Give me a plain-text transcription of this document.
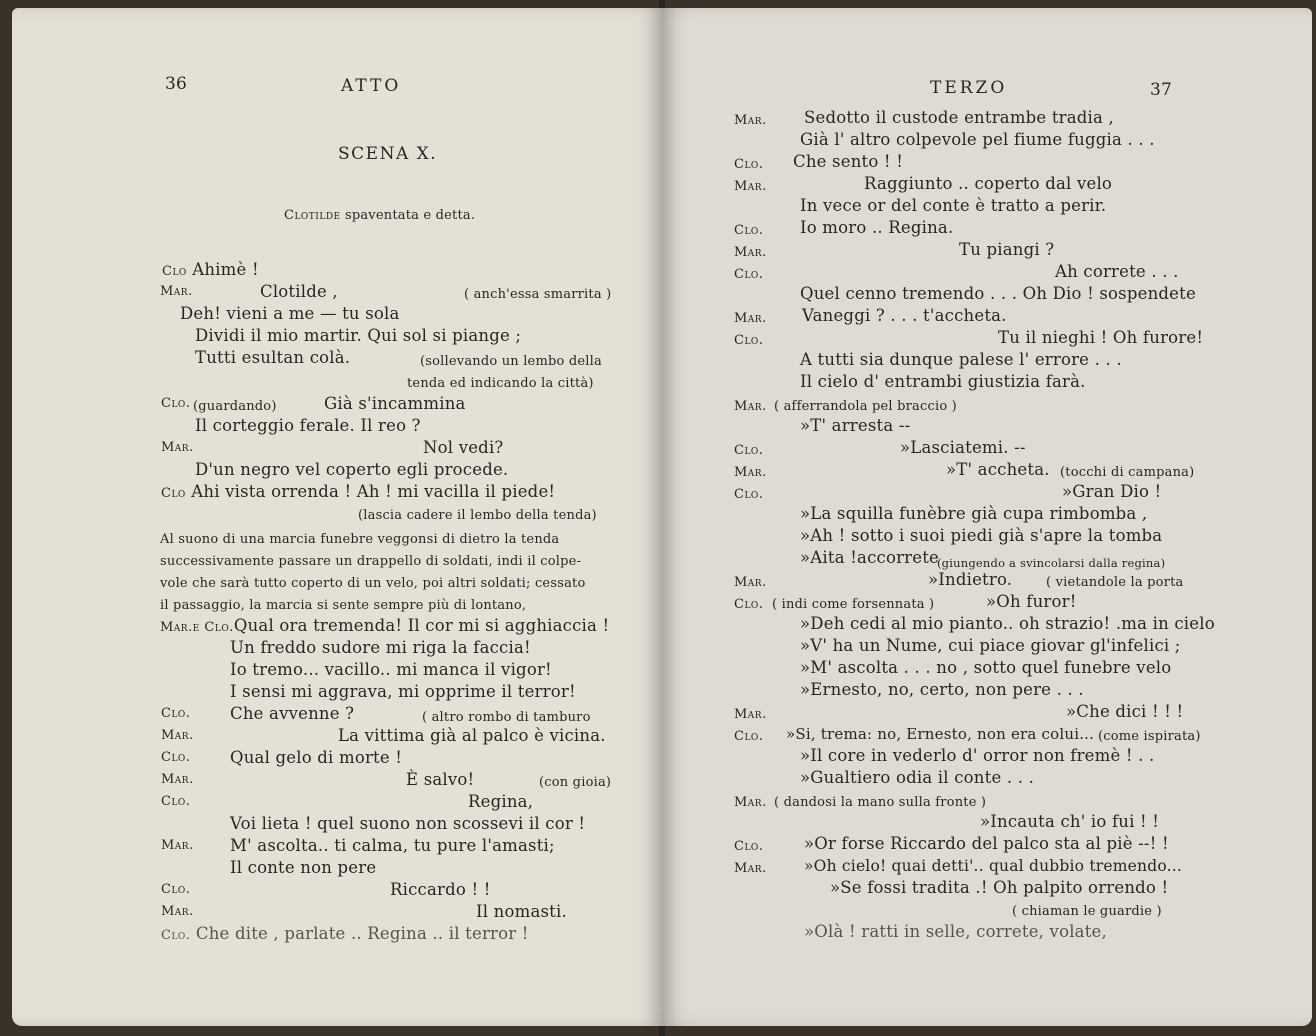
36	ATTO
SCENA X.
Clotilde spaventata e detta.
Clo Ahimè !
Mar.	Clotilde ,	( anch'essa smarrita )
Deh! vieni a me — tu sola
Dividi il mio martir. Qui sol si piange ;
Tutti esultan colà.	(sollevando un lembo della
tenda ed indicando la città)
Clo. (guardando)	Già s'incammina
Il corteggio ferale. Il reo ?
Mar.	Nol vedi?
D'un negro vel coperto egli procede.
Clo Ahi vista orrenda ! Ah ! mi vacilla il piede!
(lascia cadere il lembo della tenda)
Al suono di una marcia funebre veggonsi di dietro la tenda
successivamente passare un drappello di soldati, indi il colpe-
vole che sarà tutto coperto di un velo, poi altri soldati; cessato
il passaggio, la marcia si sente sempre più di lontano,
Mar.e Clo.Qual ora tremenda! Il cor mi si agghiaccia !
Un freddo sudore mi riga la faccia!
Io tremo... vacillo.. mi manca il vigor!
I sensi mi aggrava, mi opprime il terror!
Clo. Che avvenne ?	( altro rombo di tamburo
Mar.	La vittima già al palco è vicina.
Clo. Qual gelo di morte !
Mar.	È salvo!	(con gioia)
Clo.	Regina,
Voi lieta ! quel suono non scossevi il cor !
Mar. M' ascolta.. ti calma, tu pure l'amasti;
Il conte non pere
Clo.	Riccardo ! !
Mar.	Il nomasti.
Clo. Che dite , parlate .. Regina .. il terror !
TERZO	37
Mar. Sedotto il custode entrambe tradia ,
Già l' altro colpevole pel fiume fuggia . . .
Clo. Che sento ! !
Mar.	Raggiunto .. coperto dal velo
In vece or del conte è tratto a perir.
Clo. Io moro .. Regina.
Mar.	Tu piangi ?
Clo.	Ah correte . . .
Quel cenno tremendo . . . Oh Dio ! sospendete
Mar. Vaneggi ? . . . t'accheta.
Clo.	Tu il nieghi ! Oh furore!
A tutti sia dunque palese l' errore . . .
Il cielo d' entrambi giustizia farà.
Mar. ( afferrandola pel braccio )
»T' arresta --
Clo.	»Lasciatemi. --
Mar.	»T' accheta. (tocchi di campana)
Clo.	»Gran Dio !
»La squilla funèbre già cupa rimbomba ,
»Ah ! sotto i suoi piedi già s'apre la tomba
»Aita !accorrete
(giungendo a svincolarsi dalla regina)
Mar.	»Indietro.	( vietandole la porta
Clo. ( indi come forsennata )	»Oh furor!
»Deh cedi al mio pianto.. oh strazio! .ma in cielo
»V' ha un Nume, cui piace giovar gl'infelici ;
»M' ascolta . . . no , sotto quel funebre velo
»Ernesto, no, certo, non pere . . .
Mar.	»Che dici ! ! !
Clo. »Si, trema: no, Ernesto, non era colui... (come ispirata)
»Il core in vederlo d' orror non fremè ! . .
»Gualtiero odia il conte . . .
Mar. ( dandosi la mano sulla fronte )
»Incauta ch' io fui ! !
Clo. »Or forse Riccardo del palco sta al piè --! !
Mar. »Oh cielo! quai detti'.. qual dubbio tremendo...
»Se fossi tradita .! Oh palpito orrendo !
( chiaman le guardie )
»Olà ! ratti in selle, correte, volate,
